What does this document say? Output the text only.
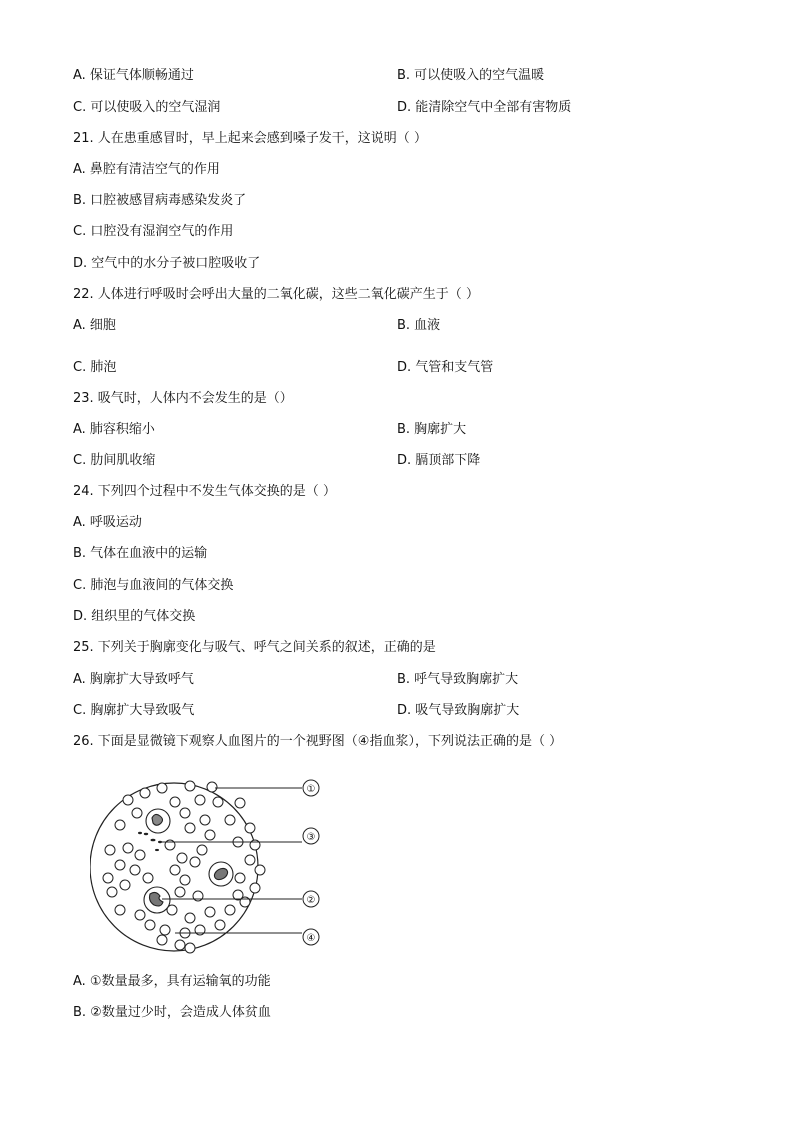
A. 保证气体顺畅通过	B. 可以使吸入的空气温暖
C. 可以使吸入的空气湿润	D. 能清除空气中全部有害物质
21. 人在患重感冒时，早上起来会感到嗓子发干，这说明（ ）
A. 鼻腔有清洁空气的作用
B. 口腔被感冒病毒感染发炎了
C. 口腔没有湿润空气的作用
D. 空气中的水分子被口腔吸收了
22. 人体进行呼吸时会呼出大量的二氧化碳，这些二氧化碳产生于（ ）
A. 细胞	B. 血液
C. 肺泡	D. 气管和支气管
23. 吸气时，人体内不会发生的是（）
A. 肺容积缩小	B. 胸廓扩大
C. 肋间肌收缩	D. 膈顶部下降
24. 下列四个过程中不发生气体交换的是（ ）
A. 呼吸运动
B. 气体在血液中的运输
C. 肺泡与血液间的气体交换
D. 组织里的气体交换
25. 下列关于胸廓变化与吸气、呼气之间关系的叙述，正确的是
A. 胸廓扩大导致呼气	B. 呼气导致胸廓扩大
C. 胸廓扩大导致吸气	D. 吸气导致胸廓扩大
26. 下面是显微镜下观察人血图片的一个视野图（④指血浆），下列说法正确的是（ ）
①
③
②
④
A. ①数量最多，具有运输氧的功能
B. ②数量过少时，会造成人体贫血
